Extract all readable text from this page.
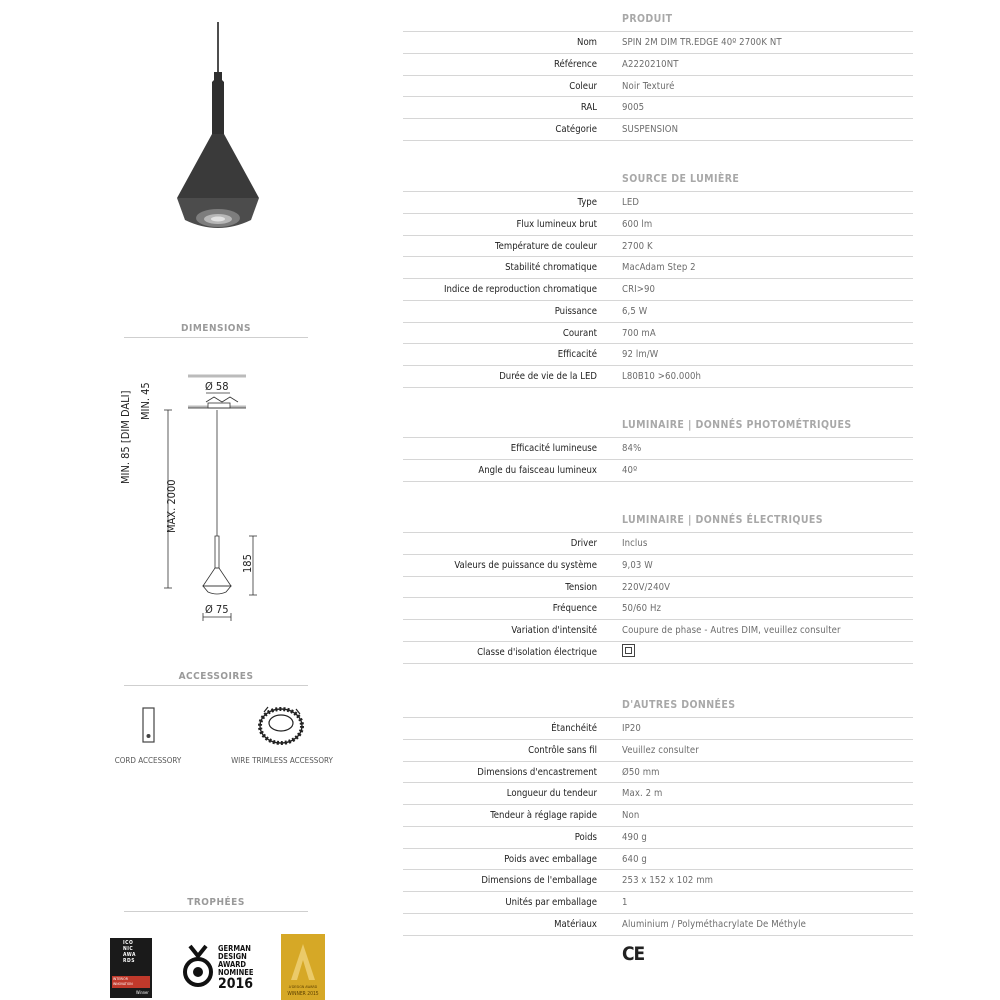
DIMENSIONS
Ø 58
MIN. 45
MIN. 85 [DIM DALI]
MAX. 2000
185
Ø 75
ACCESSOIRES
CORD ACCESSORY	WIRE TRIMLESS ACCESSORY
TROPHÉES
ICO
NIC
AWA
RDS
INTERIOR
INNOVATION
Winner
GERMAN
DESIGN
AWARD
NOMINEE
2016	A'DESIGN AWARD
WINNER 2015
PRODUIT
Nom	SPIN 2M DIM TR.EDGE 40º 2700K NT
Référence	A2220210NT
Coleur	Noir Texturé
RAL	9005
Catégorie	SUSPENSION
SOURCE DE LUMIÈRE
Type	LED
Flux lumineux brut	600 lm
Température de couleur	2700 K
Stabilité chromatique	MacAdam Step 2
Indice de reproduction chromatique	CRI>90
Puissance	6,5 W
Courant	700 mA
Efficacité	92 lm/W
Durée de vie de la LED	L80B10 >60.000h
LUMINAIRE | DONNÉS PHOTOMÉTRIQUES
Efficacité lumineuse	84%
Angle du faisceau lumineux	40º
LUMINAIRE | DONNÉS ÉLECTRIQUES
Driver	Inclus
Valeurs de puissance du système	9,03 W
Tension	220V/240V
Fréquence	50/60 Hz
Variation d'intensité	Coupure de phase - Autres DIM, veuillez consulter
Classe d'isolation électrique
D'AUTRES DONNÉES
Étanchéité	IP20
Contrôle sans fil	Veuillez consulter
Dimensions d'encastrement	Ø50 mm
Longueur du tendeur	Max. 2 m
Tendeur à réglage rapide	Non
Poids	490 g
Poids avec emballage	640 g
Dimensions de l'emballage	253 x 152 x 102 mm
Unités par emballage	1
Matériaux	Aluminium / Polyméthacrylate De Méthyle
CE
